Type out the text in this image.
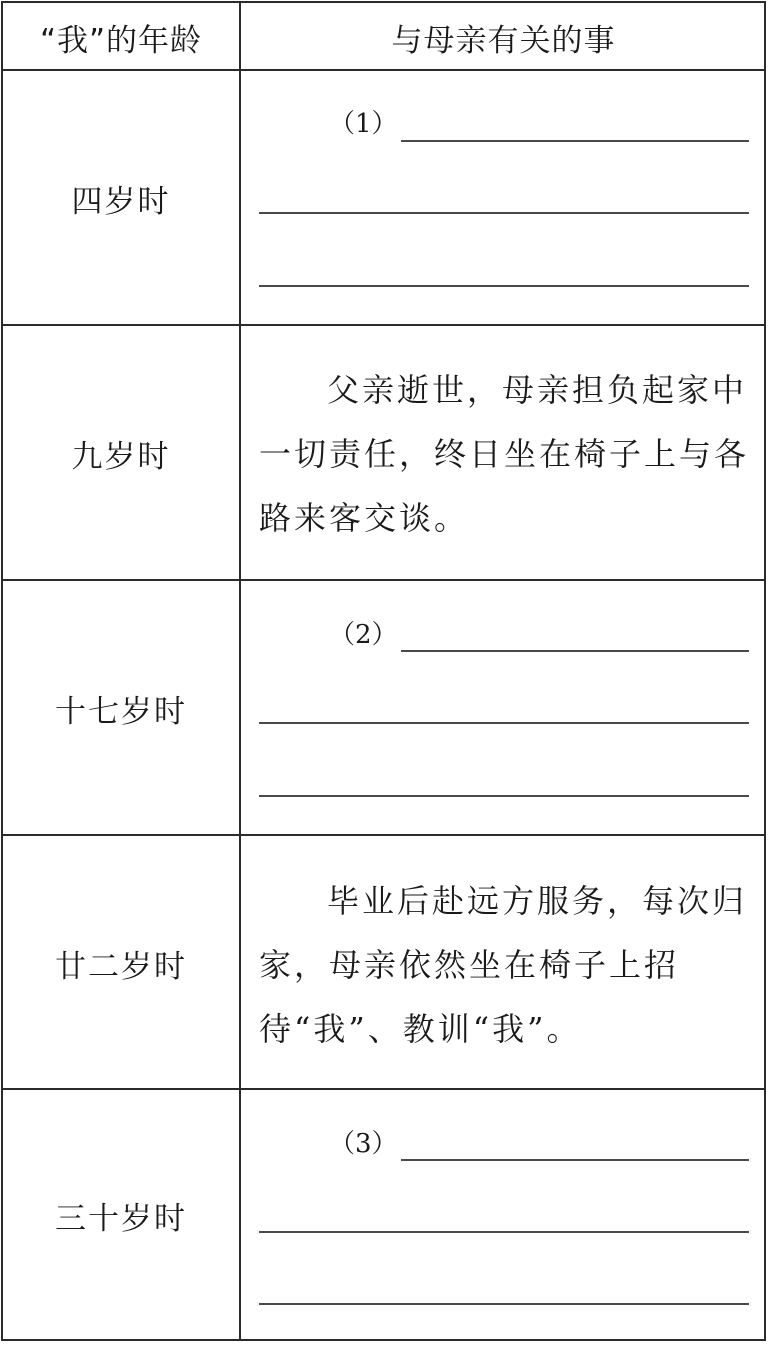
“我”的年龄	与母亲有关的事
四岁时
（1）
九岁时
父亲逝世，母亲担负起家中一切责任，终日坐在椅子上与各路来客交谈。
十七岁时
（2）
廿二岁时
毕业后赴远方服务，每次归家，母亲依然坐在椅子上招待“我”、教训“我”。
三十岁时
（3）
